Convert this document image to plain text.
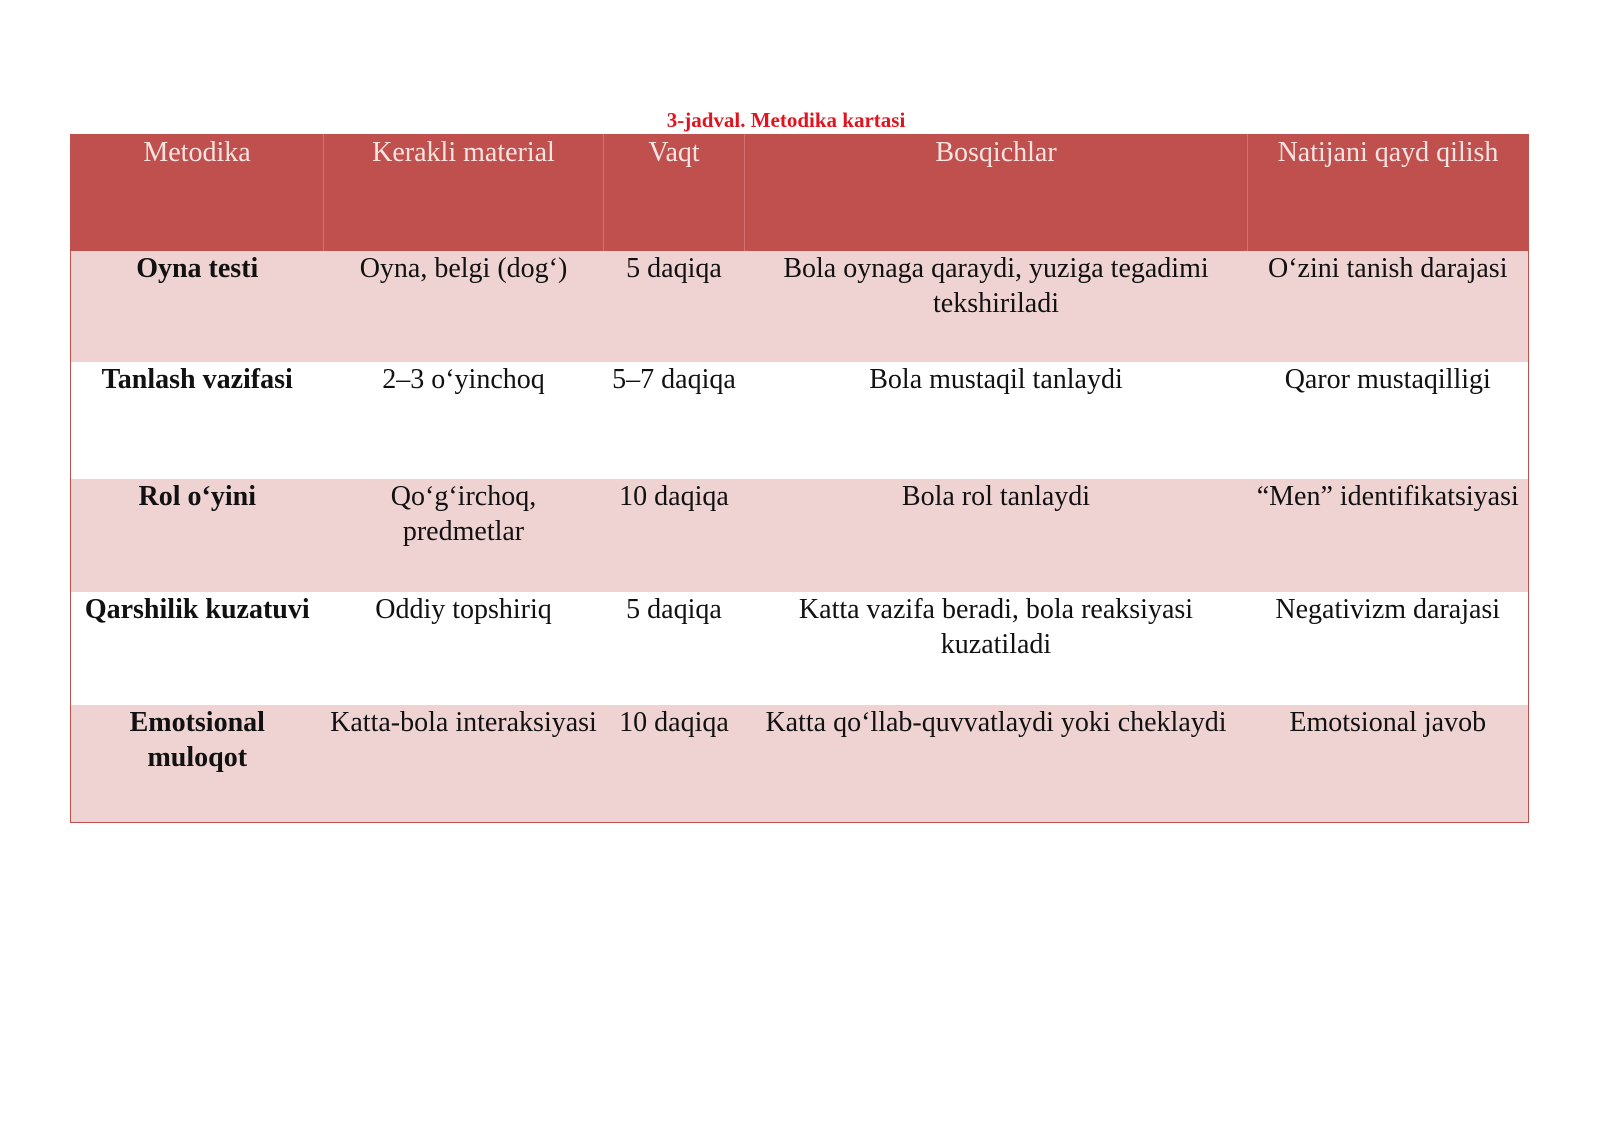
3-jadval. Metodika kartasi
Metodika	Kerakli material	Vaqt	Bosqichlar	Natijani qayd qilish
Oyna testi	Oyna, belgi (dog‘)	5 daqiqa	Bola oynaga qaraydi, yuziga tegadimi tekshiriladi	O‘zini tanish darajasi
Tanlash vazifasi	2–3 o‘yinchoq	5–7 daqiqa	Bola mustaqil tanlaydi	Qaror mustaqilligi
Rol o‘yini	Qo‘g‘irchoq, predmetlar	10 daqiqa	Bola rol tanlaydi	“Men” identifikatsiyasi
Qarshilik kuzatuvi	Oddiy topshiriq	5 daqiqa	Katta vazifa beradi, bola reaksiyasi kuzatiladi	Negativizm darajasi
Emotsional muloqot	Katta-bola interaksiyasi	10 daqiqa	Katta qo‘llab-quvvatlaydi yoki cheklaydi	Emotsional javob
